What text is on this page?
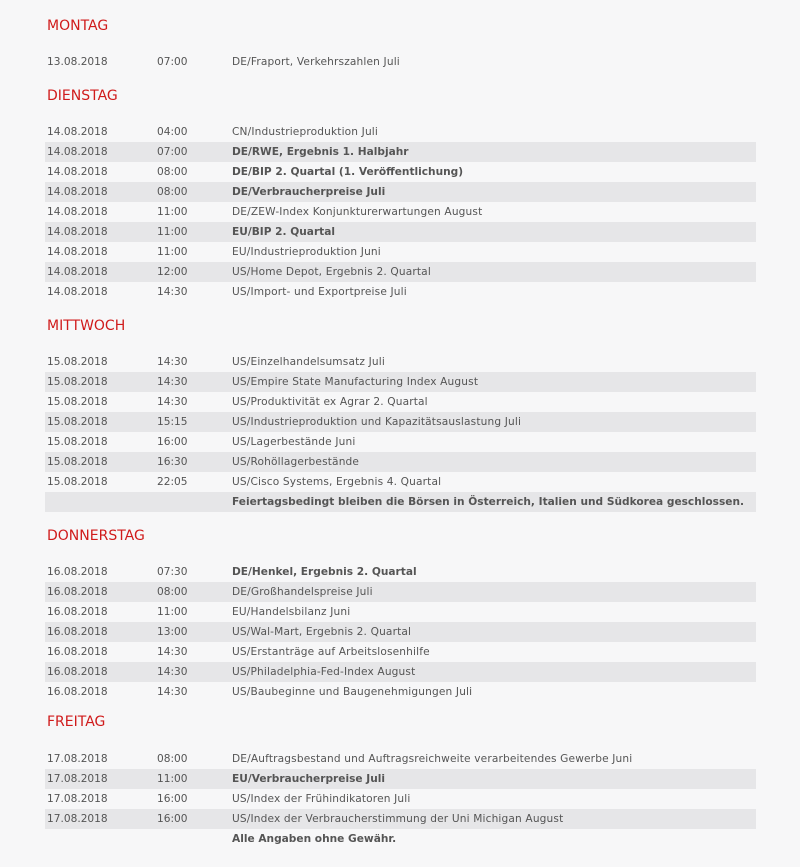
MONTAG
13.08.2018	07:00	DE/Fraport, Verkehrszahlen Juli
DIENSTAG
14.08.2018	04:00	CN/Industrieproduktion Juli
14.08.2018	07:00	DE/RWE, Ergebnis 1. Halbjahr
14.08.2018	08:00	DE/BIP 2. Quartal (1. Veröffentlichung)
14.08.2018	08:00	DE/Verbraucherpreise Juli
14.08.2018	11:00	DE/ZEW-Index Konjunkturerwartungen August
14.08.2018	11:00	EU/BIP 2. Quartal
14.08.2018	11:00	EU/Industrieproduktion Juni
14.08.2018	12:00	US/Home Depot, Ergebnis 2. Quartal
14.08.2018	14:30	US/Import- und Exportpreise Juli
MITTWOCH
15.08.2018	14:30	US/Einzelhandelsumsatz Juli
15.08.2018	14:30	US/Empire State Manufacturing Index August
15.08.2018	14:30	US/Produktivität ex Agrar 2. Quartal
15.08.2018	15:15	US/Industrieproduktion und Kapazitätsauslastung Juli
15.08.2018	16:00	US/Lagerbestände Juni
15.08.2018	16:30	US/Rohöllagerbestände
15.08.2018	22:05	US/Cisco Systems, Ergebnis 4. Quartal
Feiertagsbedingt bleiben die Börsen in Österreich, Italien und Südkorea geschlossen.
DONNERSTAG
16.08.2018	07:30	DE/Henkel, Ergebnis 2. Quartal
16.08.2018	08:00	DE/Großhandelspreise Juli
16.08.2018	11:00	EU/Handelsbilanz Juni
16.08.2018	13:00	US/Wal-Mart, Ergebnis 2. Quartal
16.08.2018	14:30	US/Erstanträge auf Arbeitslosenhilfe
16.08.2018	14:30	US/Philadelphia-Fed-Index August
16.08.2018	14:30	US/Baubeginne und Baugenehmigungen Juli
FREITAG
17.08.2018	08:00	DE/Auftragsbestand und Auftragsreichweite verarbeitendes Gewerbe Juni
17.08.2018	11:00	EU/Verbraucherpreise Juli
17.08.2018	16:00	US/Index der Frühindikatoren Juli
17.08.2018	16:00	US/Index der Verbraucherstimmung der Uni Michigan August
Alle Angaben ohne Gewähr.
